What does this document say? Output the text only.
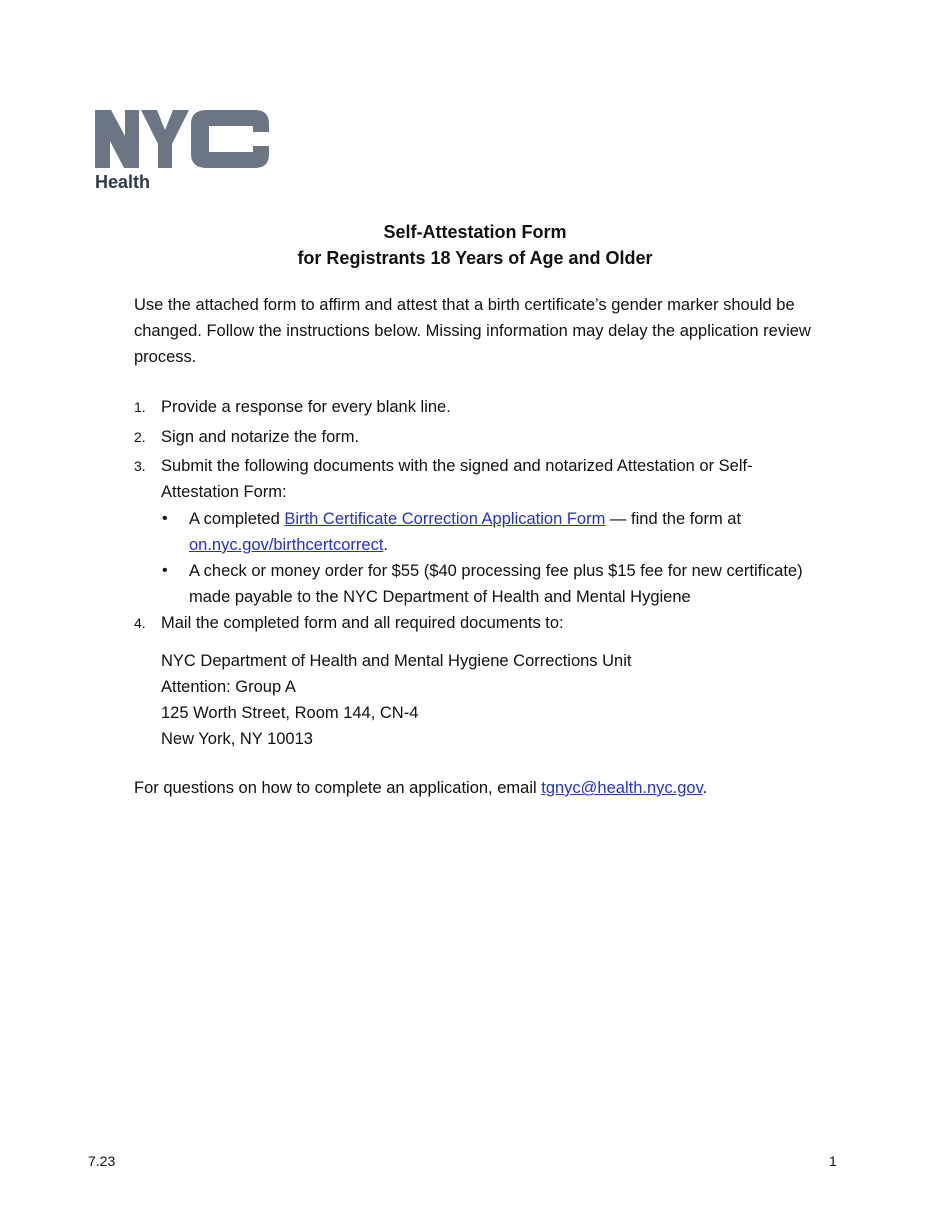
Health
Self-Attestation Form
for Registrants 18 Years of Age and Older
Use the attached form to affirm and attest that a birth certificate’s gender marker should be changed. Follow the instructions below. Missing information may delay the application review process.
1. Provide a response for every blank line.
2. Sign and notarize the form.
3. Submit the following documents with the signed and notarized Attestation or Self-Attestation Form:
• A completed Birth Certificate Correction Application Form — find the form at on.nyc.gov/birthcertcorrect.
• A check or money order for $55 ($40 processing fee plus $15 fee for new certificate) made payable to the NYC Department of Health and Mental Hygiene
4. Mail the completed form and all required documents to:
NYC Department of Health and Mental Hygiene Corrections Unit
Attention: Group A
125 Worth Street, Room 144, CN-4
New York, NY 10013
For questions on how to complete an application, email tgnyc@health.nyc.gov.
7.23	1
